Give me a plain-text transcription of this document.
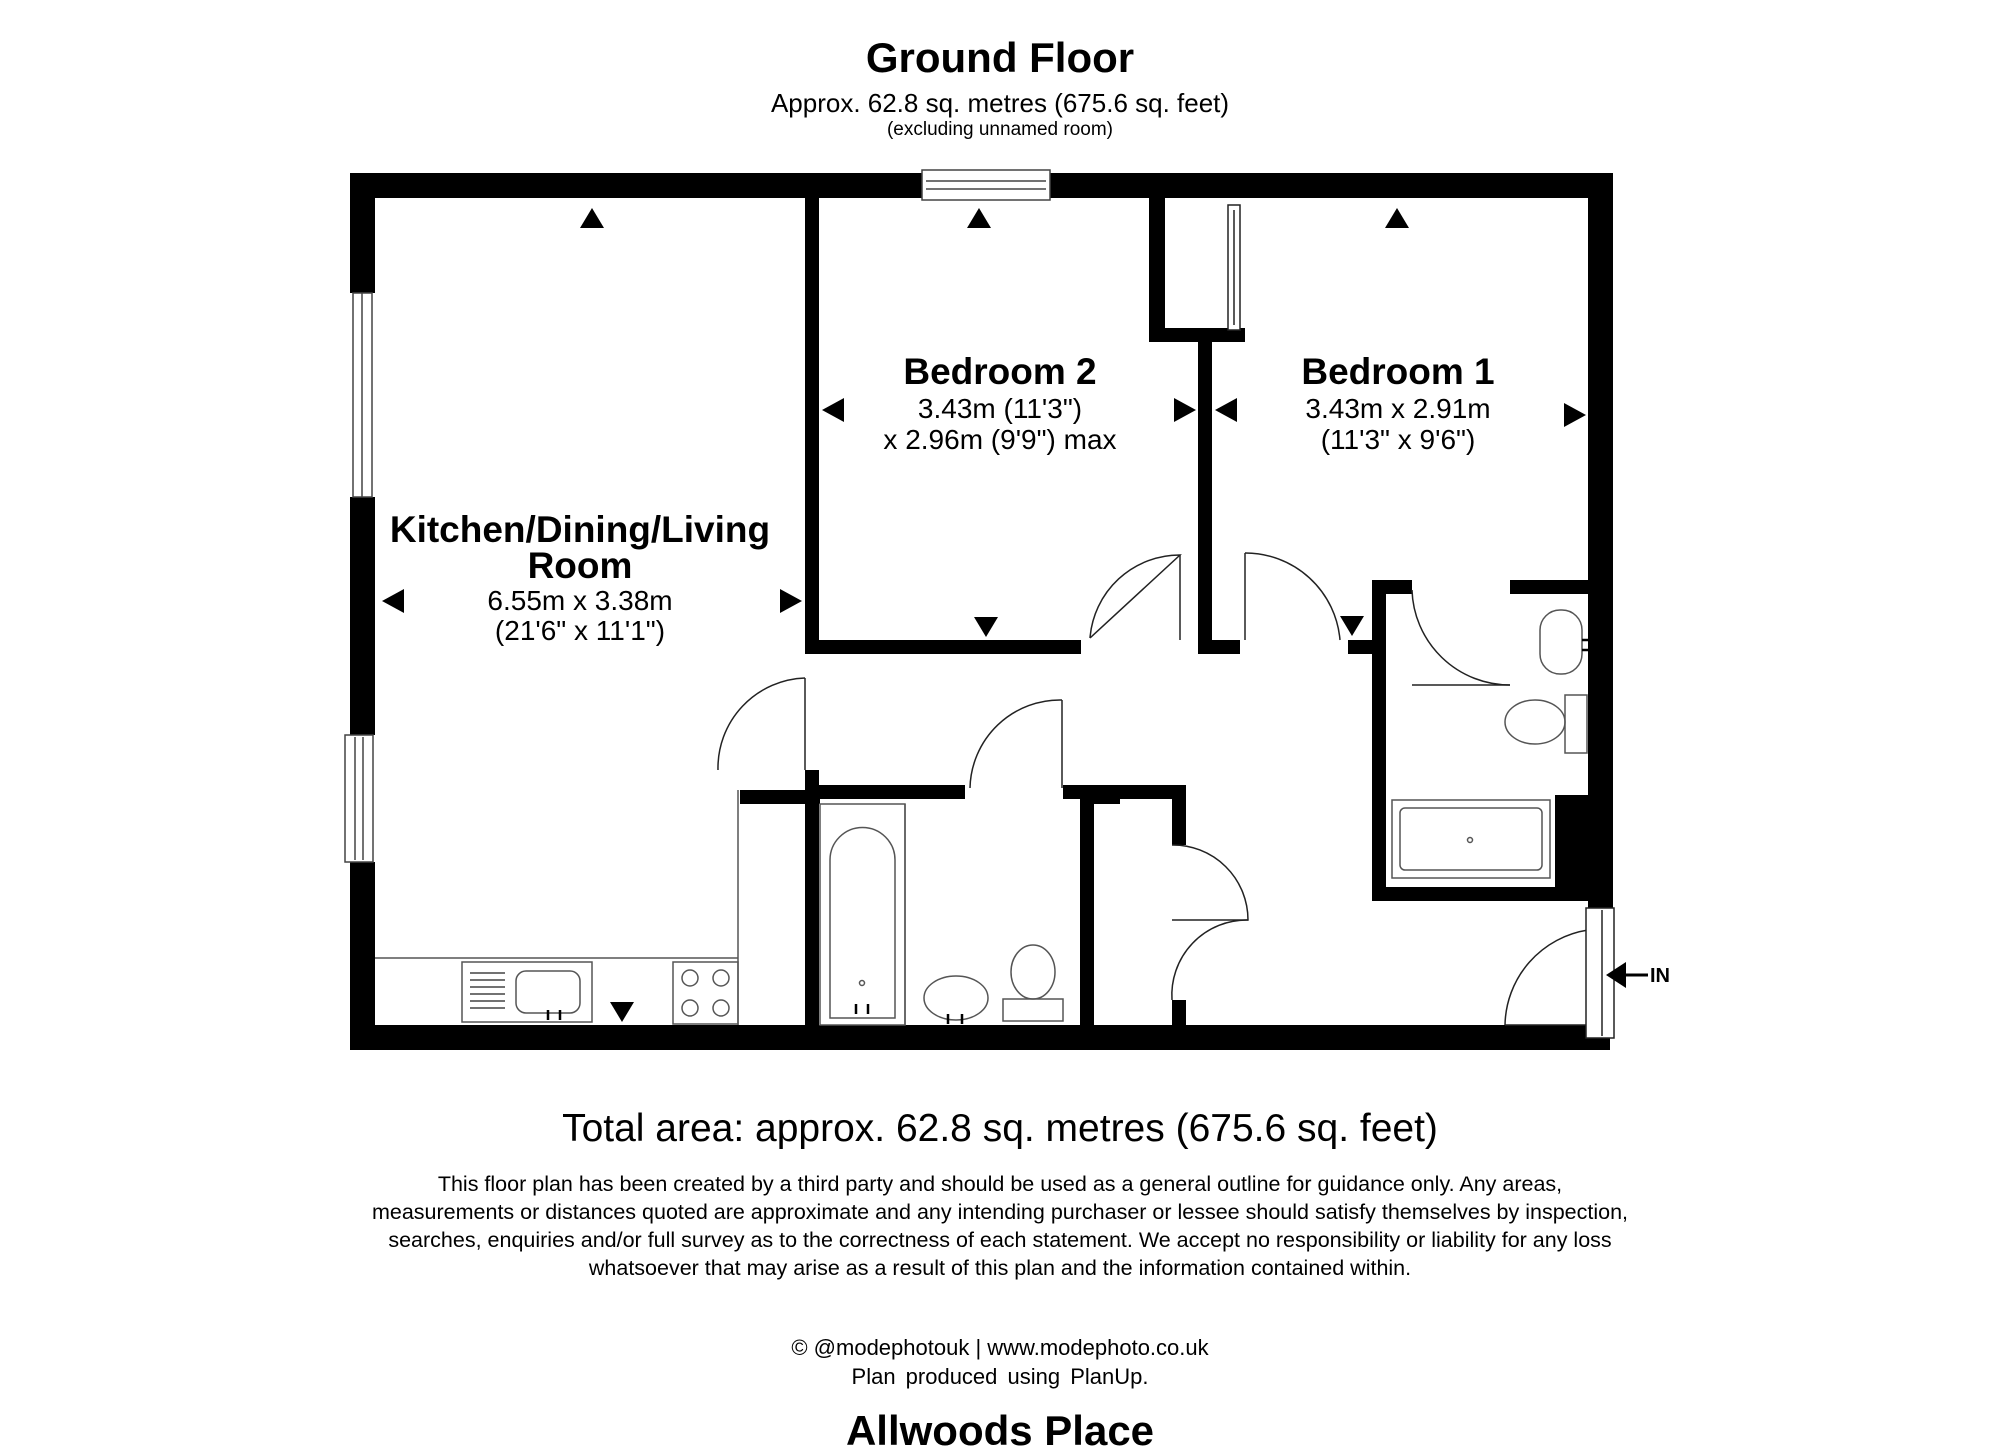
Ground Floor
Approx. 62.8 sq. metres (675.6 sq. feet)
(excluding unnamed room)
Kitchen/Dining/Living
Room
6.55m x 3.38m
(21'6" x 11'1")
Bedroom 2
3.43m (11'3")
x 2.96m (9'9") max
Bedroom 1
3.43m x 2.91m
(11'3" x 9'6")
IN
Total area: approx. 62.8 sq. metres (675.6 sq. feet)
This floor plan has been created by a third party and should be used as a general outline for guidance only. Any areas, measurements or distances quoted are approximate and any intending purchaser or lessee should satisfy themselves by inspection, searches, enquiries and/or full survey as to the correctness of each statement. We accept no responsibility or liability for any loss whatsoever that may arise as a result of this plan and the information contained within.
© @modephotouk | www.modephoto.co.uk
Plan produced using PlanUp.
Allwoods Place
